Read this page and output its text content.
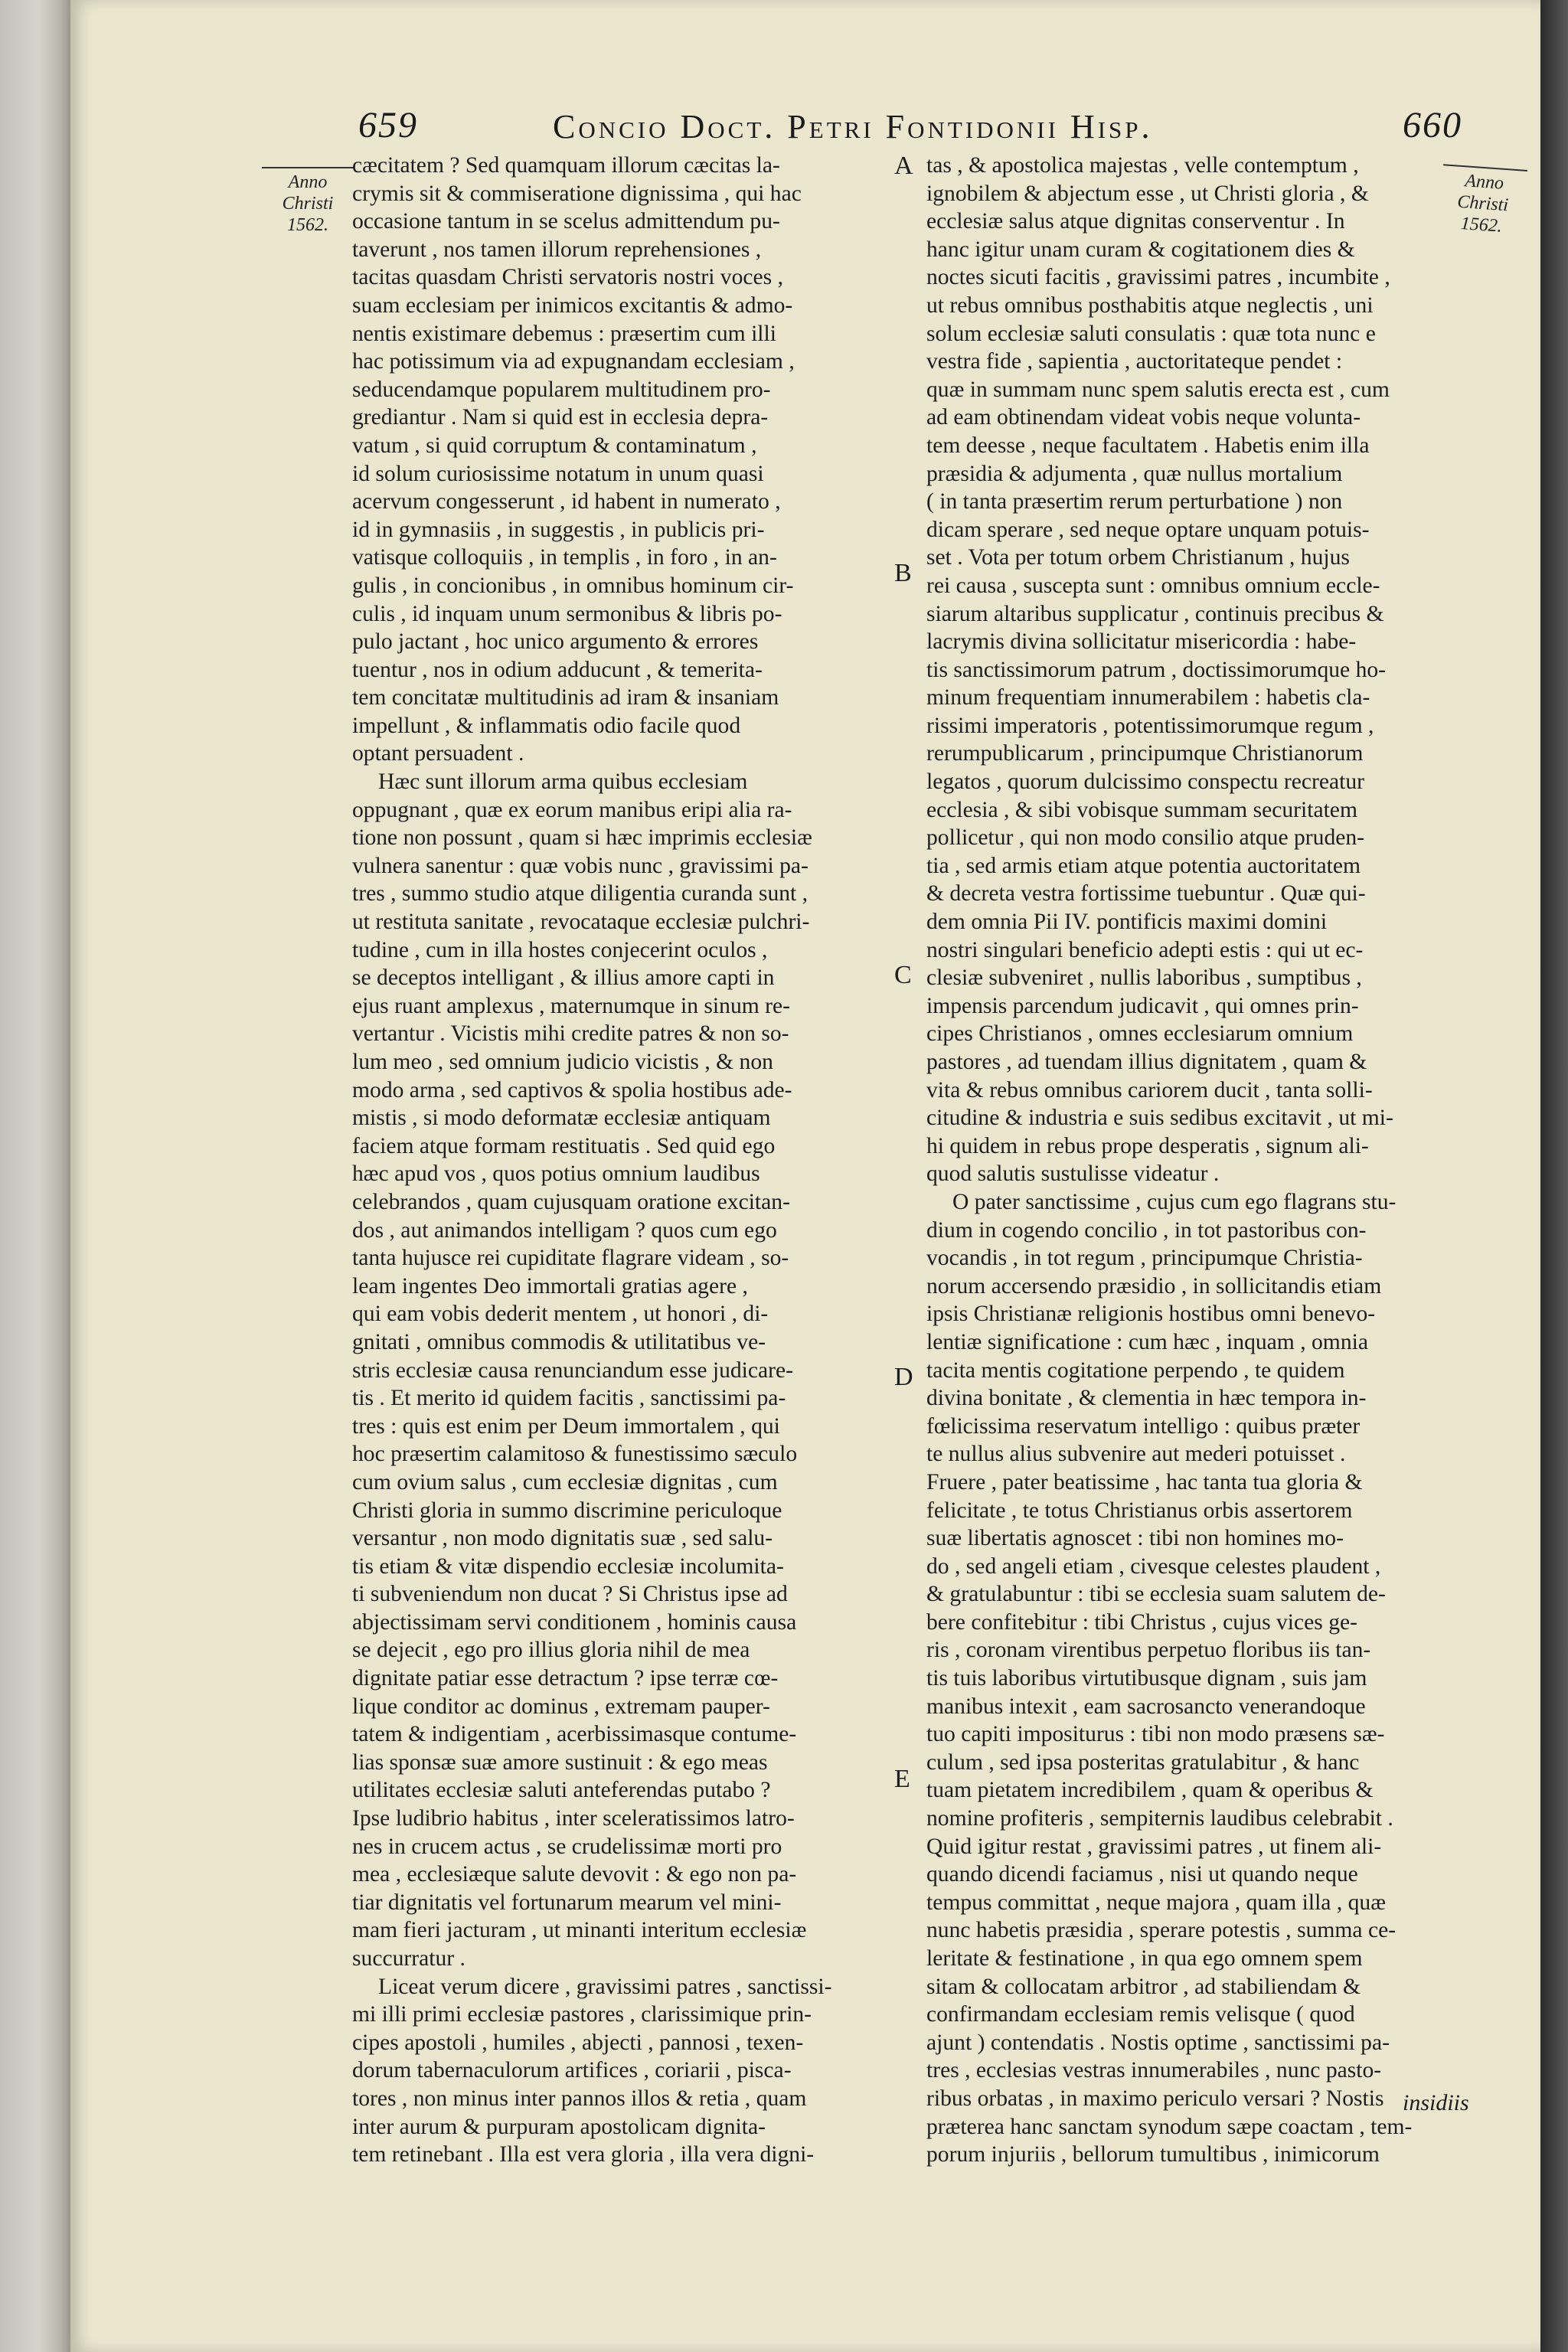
659	Concio Doct. Petri Fontidonii Hisp.	660
Anno Christi 1562.
Anno Christi 1562.
cæcitatem ? Sed quamquam illorum cæcitas la-
crymis sit & commiseratione dignissima , qui hac
occasione tantum in se scelus admittendum pu-
taverunt , nos tamen illorum reprehensiones ,
tacitas quasdam Christi servatoris nostri voces ,
suam ecclesiam per inimicos excitantis & admo-
nentis existimare debemus : præsertim cum illi
hac potissimum via ad expugnandam ecclesiam ,
seducendamque popularem multitudinem pro-
grediantur . Nam si quid est in ecclesia depra-
vatum , si quid corruptum & contaminatum ,
id solum curiosissime notatum in unum quasi
acervum congesserunt , id habent in numerato ,
id in gymnasiis , in suggestis , in publicis pri-
vatisque colloquiis , in templis , in foro , in an-
gulis , in concionibus , in omnibus hominum cir-
culis , id inquam unum sermonibus & libris po-
pulo jactant , hoc unico argumento & errores
tuentur , nos in odium adducunt , & temerita-
tem concitatæ multitudinis ad iram & insaniam
impellunt , & inflammatis odio facile quod
optant persuadent .
Hæc sunt illorum arma quibus ecclesiam
oppugnant , quæ ex eorum manibus eripi alia ra-
tione non possunt , quam si hæc imprimis ecclesiæ
vulnera sanentur : quæ vobis nunc , gravissimi pa-
tres , summo studio atque diligentia curanda sunt ,
ut restituta sanitate , revocataque ecclesiæ pulchri-
tudine , cum in illa hostes conjecerint oculos ,
se deceptos intelligant , & illius amore capti in
ejus ruant amplexus , maternumque in sinum re-
vertantur . Vicistis mihi credite patres & non so-
lum meo , sed omnium judicio vicistis , & non
modo arma , sed captivos & spolia hostibus ade-
mistis , si modo deformatæ ecclesiæ antiquam
faciem atque formam restituatis . Sed quid ego
hæc apud vos , quos potius omnium laudibus
celebrandos , quam cujusquam oratione excitan-
dos , aut animandos intelligam ? quos cum ego
tanta hujusce rei cupiditate flagrare videam , so-
leam ingentes Deo immortali gratias agere ,
qui eam vobis dederit mentem , ut honori , di-
gnitati , omnibus commodis & utilitatibus ve-
stris ecclesiæ causa renunciandum esse judicare-
tis . Et merito id quidem facitis , sanctissimi pa-
tres : quis est enim per Deum immortalem , qui
hoc præsertim calamitoso & funestissimo sæculo
cum ovium salus , cum ecclesiæ dignitas , cum
Christi gloria in summo discrimine periculoque
versantur , non modo dignitatis suæ , sed salu-
tis etiam & vitæ dispendio ecclesiæ incolumita-
ti subveniendum non ducat ? Si Christus ipse ad
abjectissimam servi conditionem , hominis causa
se dejecit , ego pro illius gloria nihil de mea
dignitate patiar esse detractum ? ipse terræ cœ-
lique conditor ac dominus , extremam pauper-
tatem & indigentiam , acerbissimasque contume-
lias sponsæ suæ amore sustinuit : & ego meas
utilitates ecclesiæ saluti anteferendas putabo ?
Ipse ludibrio habitus , inter sceleratissimos latro-
nes in crucem actus , se crudelissimæ morti pro
mea , ecclesiæque salute devovit : & ego non pa-
tiar dignitatis vel fortunarum mearum vel mini-
mam fieri jacturam , ut minanti interitum ecclesiæ
succurratur .
Liceat verum dicere , gravissimi patres , sanctissi-
mi illi primi ecclesiæ pastores , clarissimique prin-
cipes apostoli , humiles , abjecti , pannosi , texen-
dorum tabernaculorum artifices , coriarii , pisca-
tores , non minus inter pannos illos & retia , quam
inter aurum & purpuram apostolicam dignita-
tem retinebant . Illa est vera gloria , illa vera digni-
tas , & apostolica majestas , velle contemptum ,
ignobilem & abjectum esse , ut Christi gloria , &
ecclesiæ salus atque dignitas conserventur . In
hanc igitur unam curam & cogitationem dies &
noctes sicuti facitis , gravissimi patres , incumbite ,
ut rebus omnibus posthabitis atque neglectis , uni
solum ecclesiæ saluti consulatis : quæ tota nunc e
vestra fide , sapientia , auctoritateque pendet :
quæ in summam nunc spem salutis erecta est , cum
ad eam obtinendam videat vobis neque volunta-
tem deesse , neque facultatem . Habetis enim illa
præsidia & adjumenta , quæ nullus mortalium
( in tanta præsertim rerum perturbatione ) non
dicam sperare , sed neque optare unquam potuis-
set . Vota per totum orbem Christianum , hujus
rei causa , suscepta sunt : omnibus omnium eccle-
siarum altaribus supplicatur , continuis precibus &
lacrymis divina sollicitatur misericordia : habe-
tis sanctissimorum patrum , doctissimorumque ho-
minum frequentiam innumerabilem : habetis cla-
rissimi imperatoris , potentissimorumque regum ,
rerumpublicarum , principumque Christianorum
legatos , quorum dulcissimo conspectu recreatur
ecclesia , & sibi vobisque summam securitatem
pollicetur , qui non modo consilio atque pruden-
tia , sed armis etiam atque potentia auctoritatem
& decreta vestra fortissime tuebuntur . Quæ qui-
dem omnia Pii IV. pontificis maximi domini
nostri singulari beneficio adepti estis : qui ut ec-
clesiæ subveniret , nullis laboribus , sumptibus ,
impensis parcendum judicavit , qui omnes prin-
cipes Christianos , omnes ecclesiarum omnium
pastores , ad tuendam illius dignitatem , quam &
vita & rebus omnibus cariorem ducit , tanta solli-
citudine & industria e suis sedibus excitavit , ut mi-
hi quidem in rebus prope desperatis , signum ali-
quod salutis sustulisse videatur .
O pater sanctissime , cujus cum ego flagrans stu-
dium in cogendo concilio , in tot pastoribus con-
vocandis , in tot regum , principumque Christia-
norum accersendo præsidio , in sollicitandis etiam
ipsis Christianæ religionis hostibus omni benevo-
lentiæ significatione : cum hæc , inquam , omnia
tacita mentis cogitatione perpendo , te quidem
divina bonitate , & clementia in hæc tempora in-
fœlicissima reservatum intelligo : quibus præter
te nullus alius subvenire aut mederi potuisset .
Fruere , pater beatissime , hac tanta tua gloria &
felicitate , te totus Christianus orbis assertorem
suæ libertatis agnoscet : tibi non homines mo-
do , sed angeli etiam , civesque celestes plaudent ,
& gratulabuntur : tibi se ecclesia suam salutem de-
bere confitebitur : tibi Christus , cujus vices ge-
ris , coronam virentibus perpetuo floribus iis tan-
tis tuis laboribus virtutibusque dignam , suis jam
manibus intexit , eam sacrosancto venerandoque
tuo capiti impositurus : tibi non modo præsens sæ-
culum , sed ipsa posteritas gratulabitur , & hanc
tuam pietatem incredibilem , quam & operibus &
nomine profiteris , sempiternis laudibus celebrabit .
Quid igitur restat , gravissimi patres , ut finem ali-
quando dicendi faciamus , nisi ut quando neque
tempus committat , neque majora , quam illa , quæ
nunc habetis præsidia , sperare potestis , summa ce-
leritate & festinatione , in qua ego omnem spem
sitam & collocatam arbitror , ad stabiliendam &
confirmandam ecclesiam remis velisque ( quod
ajunt ) contendatis . Nostis optime , sanctissimi pa-
tres , ecclesias vestras innumerabiles , nunc pasto-
ribus orbatas , in maximo periculo versari ? Nostis
præterea hanc sanctam synodum sæpe coactam , tem-
porum injuriis , bellorum tumultibus , inimicorum
A
B
C
D
E
insidiis
